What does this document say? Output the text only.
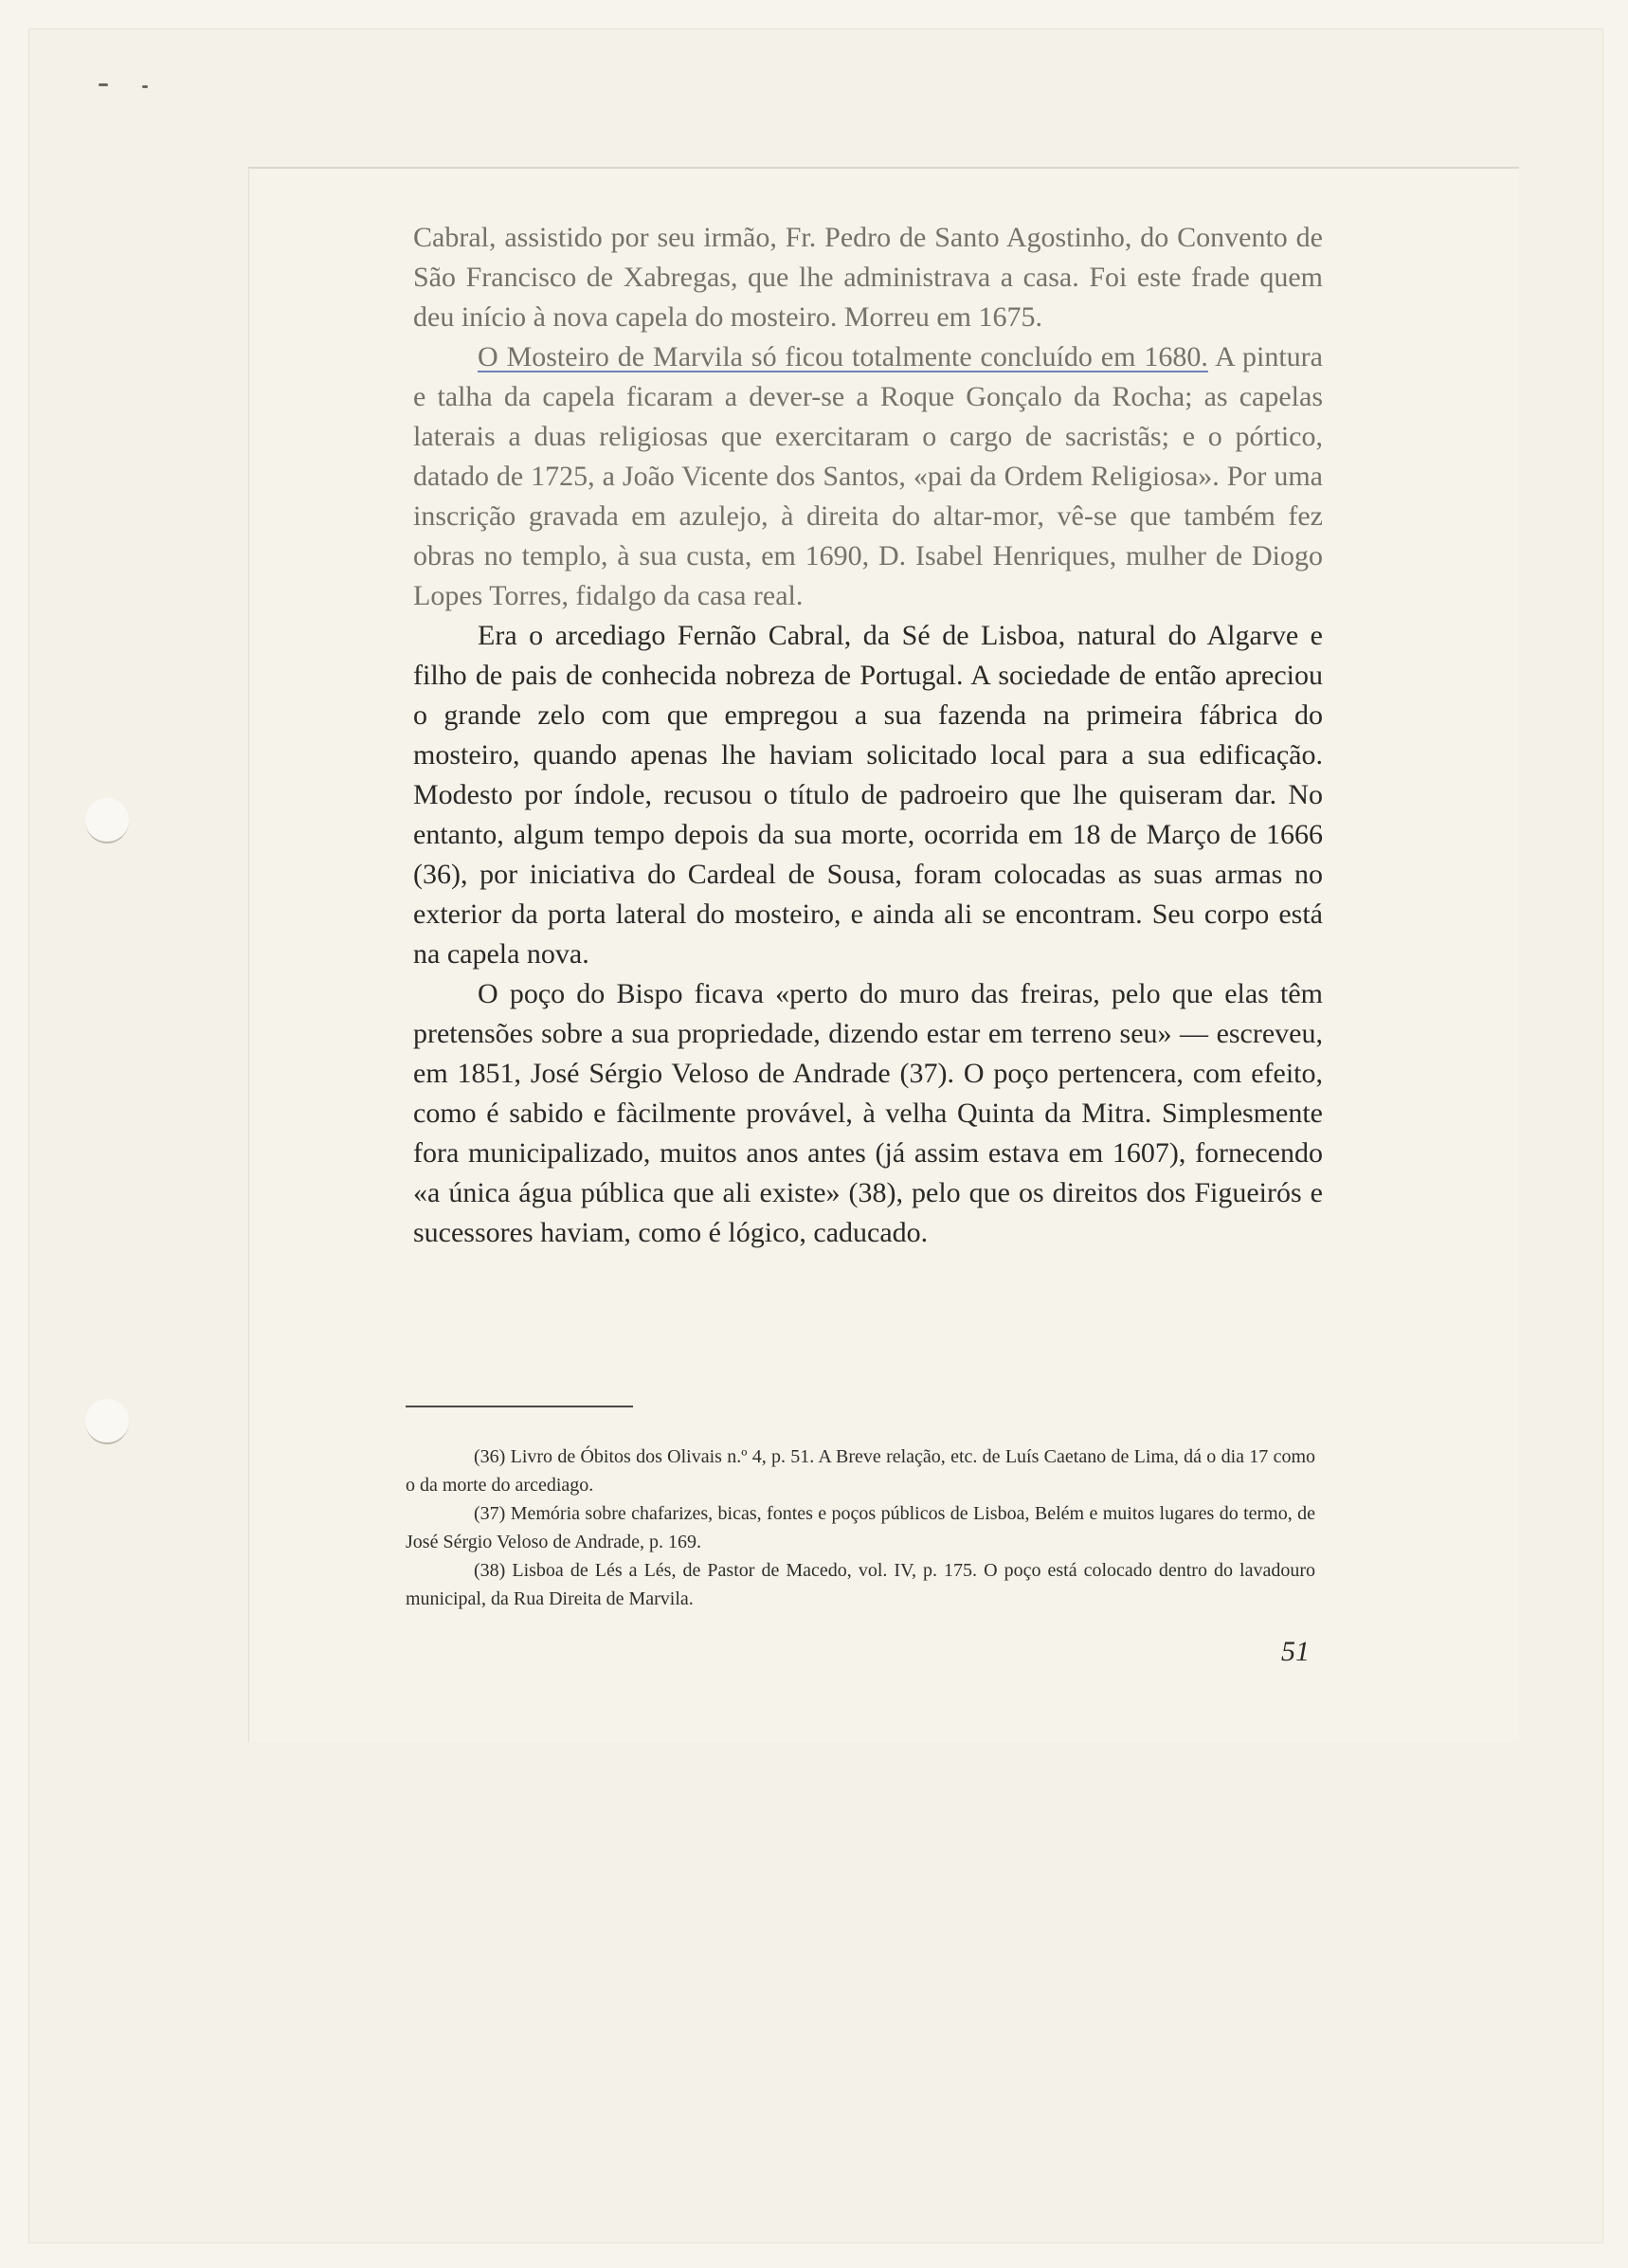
Cabral, assistido por seu irmão, Fr. Pedro de Santo Agostinho, do Convento de São Francisco de Xabregas, que lhe administrava a casa. Foi este frade quem deu início à nova capela do mosteiro. Morreu em 1675.

O Mosteiro de Marvila só ficou totalmente concluído em 1680. A pintura e talha da capela ficaram a dever-se a Roque Gonçalo da Rocha; as capelas laterais a duas religiosas que exercitaram o cargo de sacristãs; e o pórtico, datado de 1725, a João Vicente dos Santos, «pai da Ordem Religiosa». Por uma inscrição gravada em azulejo, à direita do altar-mor, vê-se que também fez obras no templo, à sua custa, em 1690, D. Isabel Henriques, mulher de Diogo Lopes Torres, fidalgo da casa real.

Era o arcediago Fernão Cabral, da Sé de Lisboa, natural do Algarve e filho de pais de conhecida nobreza de Portugal. A sociedade de então apreciou o grande zelo com que empregou a sua fazenda na primeira fábrica do mosteiro, quando apenas lhe haviam solicitado local para a sua edificação. Modesto por índole, recusou o título de padroeiro que lhe quiseram dar. No entanto, algum tempo depois da sua morte, ocorrida em 18 de Março de 1666 (36), por iniciativa do Cardeal de Sousa, foram colocadas as suas armas no exterior da porta lateral do mosteiro, e ainda ali se encontram. Seu corpo está na capela nova.

O poço do Bispo ficava «perto do muro das freiras, pelo que elas têm pretensões sobre a sua propriedade, dizendo estar em terreno seu» — escreveu, em 1851, José Sérgio Veloso de Andrade (37). O poço pertencera, com efeito, como é sabido e fàcilmente provável, à velha Quinta da Mitra. Simplesmente fora municipalizado, muitos anos antes (já assim estava em 1607), fornecendo «a única água pública que ali existe» (38), pelo que os direitos dos Figueirós e sucessores haviam, como é lógico, caducado.

(36) Livro de Óbitos dos Olivais n.º 4, p. 51. A Breve relação, etc. de Luís Caetano de Lima, dá o dia 17 como o da morte do arcediago.

(37) Memória sobre chafarizes, bicas, fontes e poços públicos de Lisboa, Belém e muitos lugares do termo, de José Sérgio Veloso de Andrade, p. 169.

(38) Lisboa de Lés a Lés, de Pastor de Macedo, vol. IV, p. 175. O poço está colocado dentro do lavadouro municipal, da Rua Direita de Marvila.

51
